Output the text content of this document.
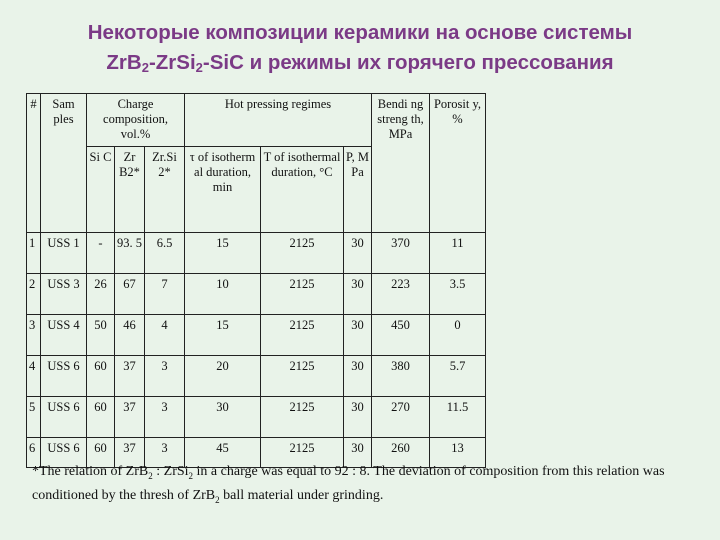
Некоторые композиции керамики на основе системы
ZrB$_2$-ZrSi$_2$-SiC и режимы их горячего прессования
#	Sam ples	Charge composition, vol.%			Hot pressing regimes			Bendi ng streng th, MPa	Porosit y, %
		Si C	Zr B2*	Zr.Si 2*	τ of isotherm al duration, min	T of isothermal duration, °C	P, M Pa		
1	USS 1	-	93. 5	6.5	15	2125	30	370	11
2	USS 3	26	67	7	10	2125	30	223	3.5
3	USS 4	50	46	4	15	2125	30	450	0
4	USS 6	60	37	3	20	2125	30	380	5.7
5	USS 6	60	37	3	30	2125	30	270	11.5
6	USS 6	60	37	3	45	2125	30	260	13
*The relation of ZrB$_2$ : ZrSi$_2$ in a charge was equal to 92 : 8. The deviation of composition from this relation was conditioned by the thresh of ZrB$_2$ ball material under grinding.
